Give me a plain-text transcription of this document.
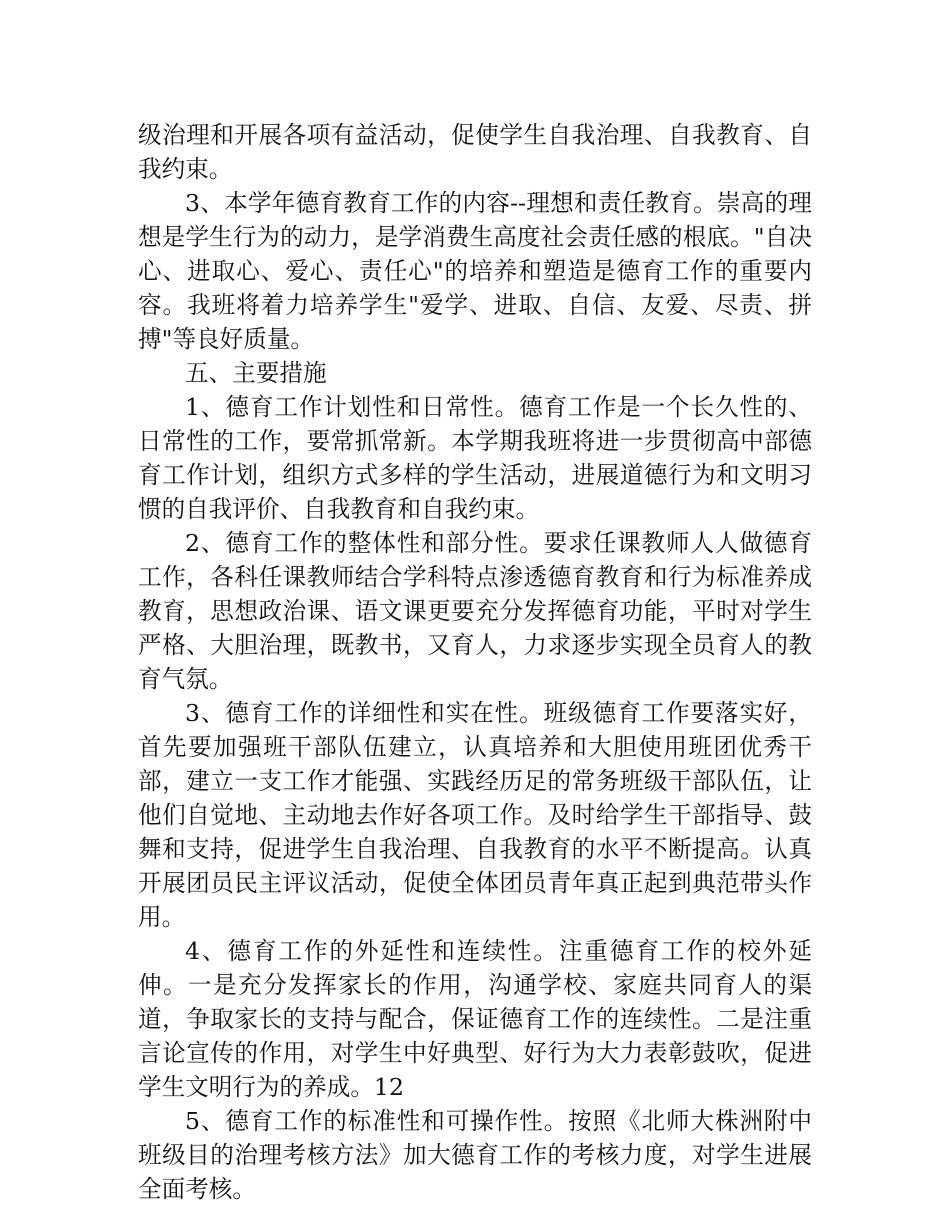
级治理和开展各项有益活动，促使学生自我治理、自我教育、自我约束。

3、本学年德育教育工作的内容--理想和责任教育。崇高的理想是学生行为的动力，是学消费生高度社会责任感的根底。"自决心、进取心、爱心、责任心"的培养和塑造是德育工作的重要内容。我班将着力培养学生"爱学、进取、自信、友爱、尽责、拼搏"等良好质量。

五、主要措施

1、德育工作计划性和日常性。德育工作是一个长久性的、日常性的工作，要常抓常新。本学期我班将进一步贯彻高中部德育工作计划，组织方式多样的学生活动，进展道德行为和文明习惯的自我评价、自我教育和自我约束。

2、德育工作的整体性和部分性。要求任课教师人人做德育工作，各科任课教师结合学科特点渗透德育教育和行为标准养成教育，思想政治课、语文课更要充分发挥德育功能，平时对学生严格、大胆治理，既教书，又育人，力求逐步实现全员育人的教育气氛。

3、德育工作的详细性和实在性。班级德育工作要落实好，首先要加强班干部队伍建立，认真培养和大胆使用班团优秀干部，建立一支工作才能强、实践经历足的常务班级干部队伍，让他们自觉地、主动地去作好各项工作。及时给学生干部指导、鼓舞和支持，促进学生自我治理、自我教育的水平不断提高。认真开展团员民主评议活动，促使全体团员青年真正起到典范带头作用。

4、德育工作的外延性和连续性。注重德育工作的校外延伸。一是充分发挥家长的作用，沟通学校、家庭共同育人的渠道，争取家长的支持与配合，保证德育工作的连续性。二是注重言论宣传的作用，对学生中好典型、好行为大力表彰鼓吹，促进学生文明行为的养成。12

5、德育工作的标准性和可操作性。按照《北师大株洲附中班级目的治理考核方法》加大德育工作的考核力度，对学生进展全面考核。
